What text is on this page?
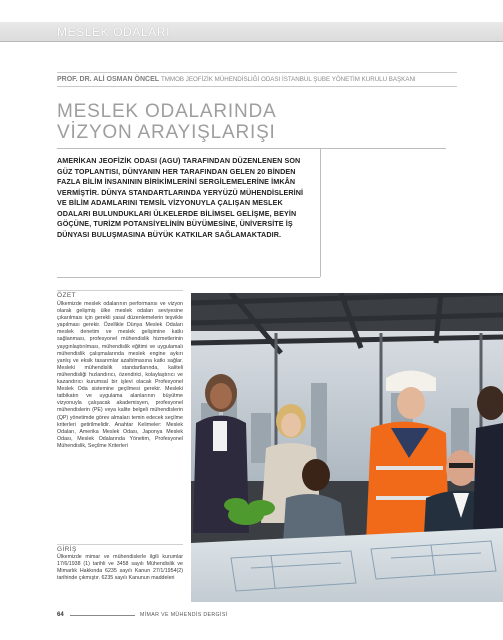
MESLEK ODALARI
PROF. DR. ALİ OSMAN ÖNCEL TMMOB JEOFİZİK MÜHENDİSLİĞİ ODASI İSTANBUL ŞUBE YÖNETİM KURULU BAŞKANI
MESLEK ODALARINDA
VİZYON ARAYIŞLARIŞI

AMERİKAN JEOFİZİK ODASI (AGU) TARAFINDAN DÜZENLENEN SON GÜZ TOPLANTISI, DÜNYANIN HER TARAFINDAN GELEN 20 BİNDEN FAZLA BİLİM İNSANININ BİRİKİMLERİNİ SERGİLEMELERİNE İMKÂN VERMİŞTİR. DÜNYA STANDARTLARINDA YERYÜZÜ MÜHENDİSLERİNİ VE BİLİM ADAMLARINI TEMSİL VİZYONUYLA ÇALIŞAN MESLEK ODALARI BULUNDUKLARI ÜLKELERDE BİLİMSEL GELİŞME, BEYİN GÖÇÜNE, TURİZM POTANSİYELİNİN BÜYÜMESİNE, ÜNİVERSİTE İŞ DÜNYASI BULUŞMASINA BÜYÜK KATKILAR SAĞLAMAKTADIR.

ÖZET
Ülkemizde meslek odalarının performansı ve vizyon olarak gelişmiş ülke meslek odaları seviyesine çıkarılması için gerekli yasal düzenlemelerin teşvikle yapılması gerekir. Özellikle Dünya Meslek Odaları meslek denetim ve meslek gelişimine katkı sağlanması, profesyonel mühendislik hizmetlerinin yaygınlaştırılması, mühendislik eğitimi ve uygulamalı mühendislik çalışmalarında meslek engine aykırı yanlış ve eksik tasarımlar azaltılmasına katkı sağlar. Mesleki mühendislik standartlarında, kaliteli mühendisliği hızlandırıcı, özendirici, kolaylaştırıcı ve kazandırıcı kurumsal bir işlevi olacak Profesyonel Meslek Oda sistemine geçilmesi gerekir. Mesleki tatbikatın ve uygulama alanlarının büyütme vizyonuyla çalışacak akademisyen, profesyonel mühendislerin (PE) veya kalite belgeli mühendislerin (QP) yönetimde görev almaları temin edecek seçilme kriterleri getirilmelidir. Anahtar Kelimeler: Meslek Odaları, Amerika Meslek Odası, Japonya Meslek Odası, Meslek Odalarında Yönetim, Profesyonel Mühendislik, Seçilme Kriterleri
GİRİŞ

Ülkemizde mimar ve mühendislerle ilgili kurumlar 17/6/1938 (1) tarihli ve 3458 sayılı Mühendislik ve Mimarlık Hakkında 6235 sayılı Kanun 27/1/1954(2) tarihinde çıkmıştır. 6235 sayılı Kanunun maddeleri

64	MİMAR VE MÜHENDİS DERGİSİ
